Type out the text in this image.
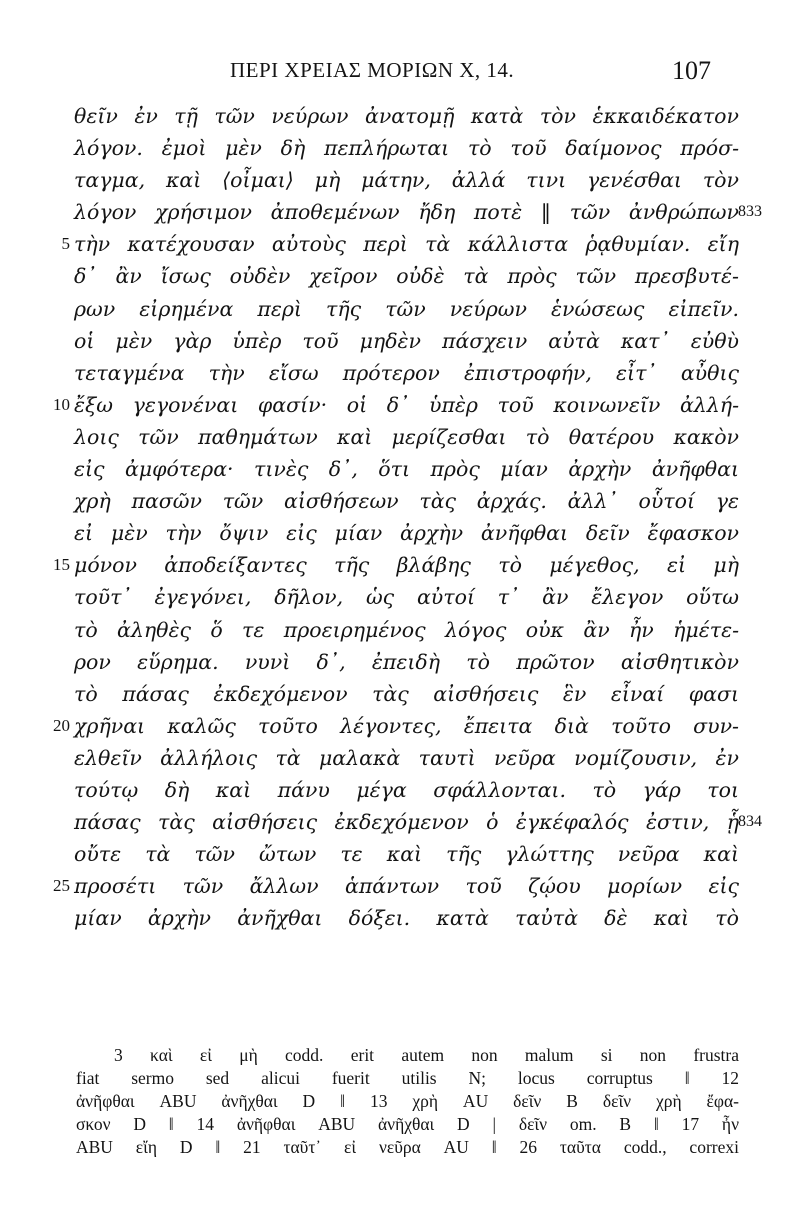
ΠΕΡΙ ΧΡΕΙΑΣ ΜΟΡΙΩΝ Χ, 14.	107
θεῖν ἐν τῇ τῶν νεύρων ἀνατομῇ κατὰ τὸν ἑκκαιδέκατον
λόγον. ἐμοὶ μὲν δὴ πεπλήρωται τὸ τοῦ δαίμονος πρόσ-
ταγμα, καὶ ⟨οἶμαι⟩ μὴ μάτην, ἀλλά τινι γενέσθαι τὸν
λόγον χρήσιμον ἀποθεμένων ἤδη ποτὲ ‖ τῶν ἀνθρώπων 833
5 τὴν κατέχουσαν αὐτοὺς περὶ τὰ κάλλιστα ῥᾳθυμίαν. εἴη
δ᾽ ἂν ἴσως οὐδὲν χεῖρον οὐδὲ τὰ πρὸς τῶν πρεσβυτέ-
ρων εἰρημένα περὶ τῆς τῶν νεύρων ἑνώσεως εἰπεῖν.
οἱ μὲν γὰρ ὑπὲρ τοῦ μηδὲν πάσχειν αὐτὰ κατ᾽ εὐθὺ
τεταγμένα τὴν εἴσω πρότερον ἐπιστροφήν, εἶτ᾽ αὖθις
10 ἔξω γεγονέναι φασίν· οἱ δ᾽ ὑπὲρ τοῦ κοινωνεῖν ἀλλή-
λοις τῶν παθημάτων καὶ μερίζεσθαι τὸ θατέρου κακὸν
εἰς ἀμφότερα· τινὲς δ᾽, ὅτι πρὸς μίαν ἀρχὴν ἀνῆφθαι
χρὴ πασῶν τῶν αἰσθήσεων τὰς ἀρχάς. ἀλλ᾽ οὗτοί γε
εἰ μὲν τὴν ὄψιν εἰς μίαν ἀρχὴν ἀνῆφθαι δεῖν ἔφασκον
15 μόνον ἀποδείξαντες τῆς βλάβης τὸ μέγεθος, εἰ μὴ
τοῦτ᾽ ἐγεγόνει, δῆλον, ὡς αὐτοί τ᾽ ἂν ἔλεγον οὕτω
τὸ ἀληθὲς ὅ τε προειρημένος λόγος οὐκ ἂν ἦν ἡμέτε-
ρον εὕρημα. νυνὶ δ᾽, ἐπειδὴ τὸ πρῶτον αἰσθητικὸν
τὸ πάσας ἐκδεχόμενον τὰς αἰσθήσεις ἓν εἶναί φασι
20 χρῆναι καλῶς τοῦτο λέγοντες, ἔπειτα διὰ τοῦτο συν-
ελθεῖν ἀλλήλοις τὰ μαλακὰ ταυτὶ νεῦρα νομίζουσιν, ἐν
τούτῳ δὴ καὶ πάνυ μέγα σφάλλονται. τὸ γάρ τοι
πάσας τὰς αἰσθήσεις ἐκδεχόμενον ὁ ἐγκέφαλός ἐστιν, ᾗ 834
οὔτε τὰ τῶν ὤτων τε καὶ τῆς γλώττης νεῦρα καὶ
25 προσέτι τῶν ἄλλων ἁπάντων τοῦ ζῴου μορίων εἰς
μίαν ἀρχὴν ἀνῆχθαι δόξει. κατὰ ταὐτὰ δὲ καὶ τὸ
3 καὶ εἰ μὴ codd. erit autem non malum si non frustra
fiat sermo sed alicui fuerit utilis N; locus corruptus ‖ 12
ἀνῆφθαι ABU ἀνῆχθαι D ‖ 13 χρὴ AU δεῖν B δεῖν χρὴ ἔφα-
σκον D ‖ 14 ἀνῆφθαι ABU ἀνῆχθαι D | δεῖν om. B ‖ 17 ἦν
ABU εἴη D ‖ 21 ταῦτ᾽ εἰ νεῦρα AU ‖ 26 ταῦτα codd., correxi
